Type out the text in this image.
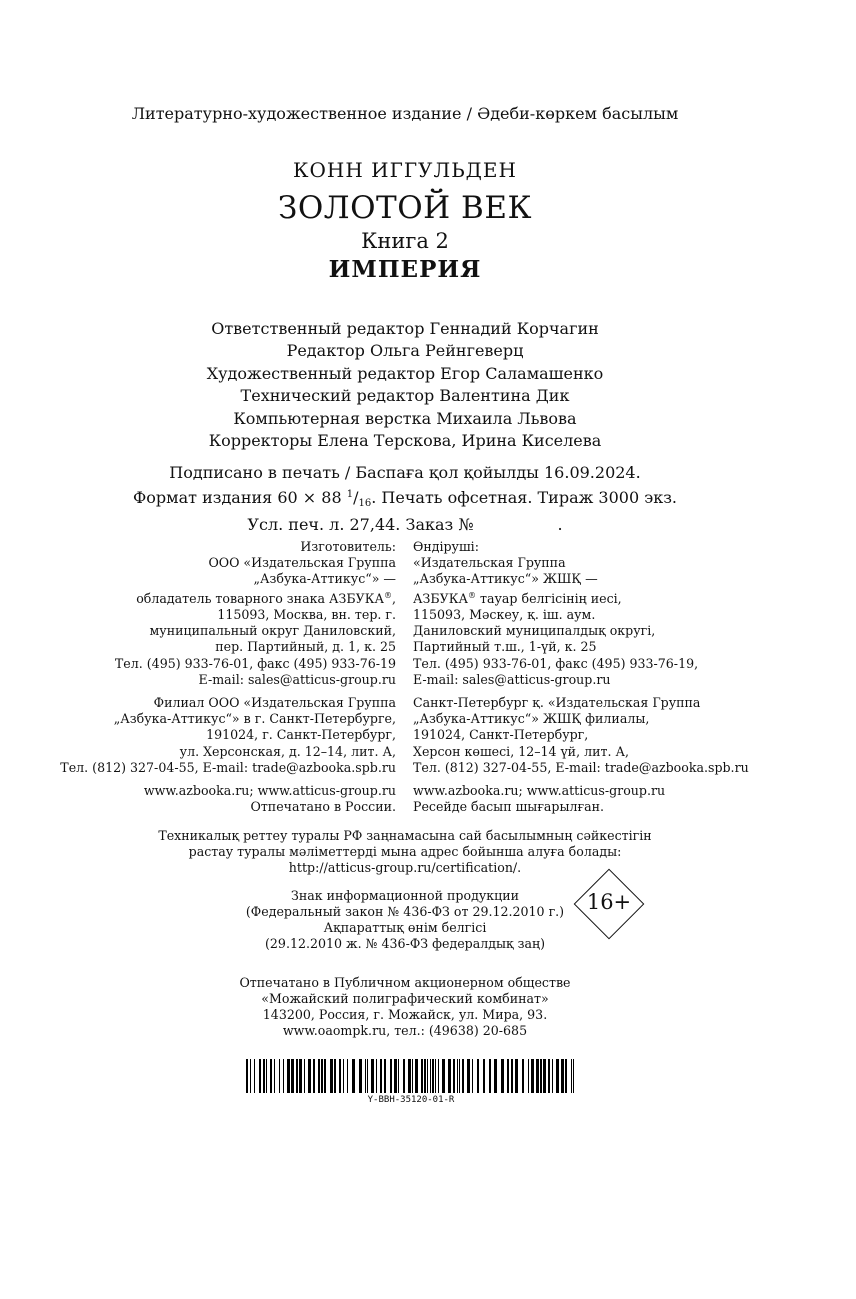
Литературно-художественное издание / Әдеби-көркем басылым
КОНН ИГГУЛЬДЕН
ЗОЛОТОЙ ВЕК
Книга 2
ИМПЕРИЯ
Ответственный редактор Геннадий Корчагин
Редактор Ольга Рейнгеверц
Художественный редактор Егор Саламашенко
Технический редактор Валентина Дик
Компьютерная верстка Михаила Львова
Корректоры Елена Терскова, Ирина Киселева
Подписано в печать / Баспаға қол қойылды 16.09.2024.
Формат издания 60 × 88 $^1/_{16}$. Печать офсетная. Тираж 3000 экз.
Усл. печ. л. 27,44. Заказ №	.
Изготовитель:
ООО «Издательская Группа
„Азбука-Аттикус“» —
обладатель товарного знака АЗБУКА®,
115093, Москва, вн. тер. г.
муниципальный округ Даниловский,
пер. Партийный, д. 1, к. 25
Тел. (495) 933-76-01, факс (495) 933-76-19
E-mail: sales@atticus-group.ru
Филиал ООО «Издательская Группа
„Азбука-Аттикус“» в г. Санкт-Петербурге,
191024, г. Санкт-Петербург,
ул. Херсонская, д. 12–14, лит. А,
Тел. (812) 327-04-55, E-mail: trade@azbooka.spb.ru
www.azbooka.ru; www.atticus-group.ru
Отпечатано в России.
Өндіруші:
«Издательская Группа
„Азбука-Аттикус“» ЖШҚ —
АЗБУКА® тауар белгісінің иесі,
115093, Мәскеу, қ. іш. аум.
Даниловский муниципалдық округі,
Партийный т.ш., 1-үй, к. 25
Тел. (495) 933-76-01, факс (495) 933-76-19,
E-mail: sales@atticus-group.ru
Санкт-Петербург қ. «Издательская Группа
„Азбука-Аттикус“» ЖШҚ филиалы,
191024, Санкт-Петербург,
Херсон көшесі, 12–14 үй, лит. А,
Тел. (812) 327-04-55, E-mail: trade@azbooka.spb.ru
www.azbooka.ru; www.atticus-group.ru
Ресейде басып шығарылған.
Техникалық реттеу туралы РФ заңнамасына сай басылымның сәйкестігін
растау туралы мәліметтерді мына адрес бойынша алуға болады:
http://atticus-group.ru/certification/.
Знак информационной продукции
(Федеральный закон № 436-ФЗ от 29.12.2010 г.)
Ақпараттық өнім белгісі
(29.12.2010 ж. № 436-ФЗ федералдық заң)
16+
Отпечатано в Публичном акционерном обществе
«Можайский полиграфический комбинат»
143200, Россия, г. Можайск, ул. Мира, 93.
www.oaompk.ru, тел.: (49638) 20-685
Y-BBH-35120-01-R
